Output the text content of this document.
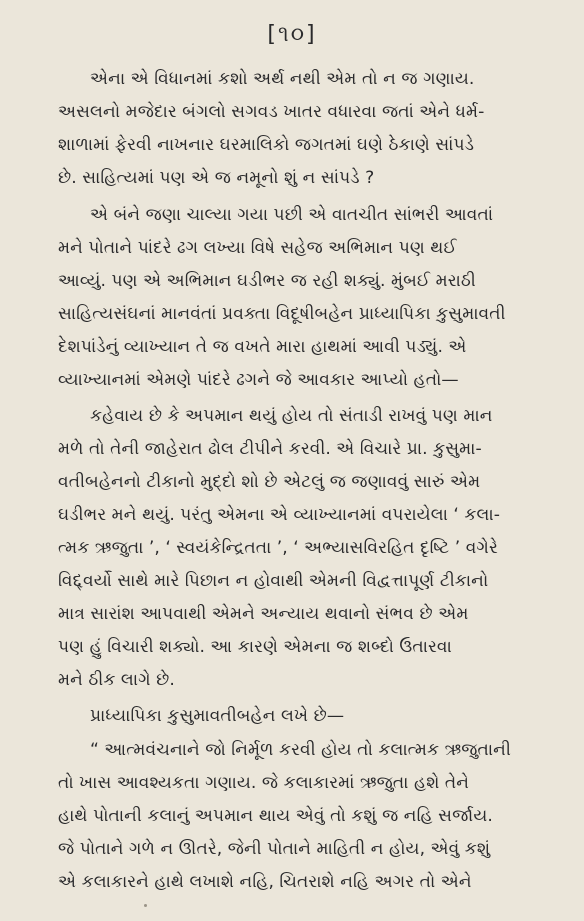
[૧૦]
એના એ વિધાનમાં કશો અર્થ નથી એમ તો ન જ ગણાય.
અસલનો મજેદાર બંગલો સગવડ ખાતર વધારવા જતાં એને ધર્મ-
શાળામાં ફેરવી નાખનાર ઘરમાલિકો જગતમાં ઘણે ઠેકાણે સાંપડે
છે. સાહિત્યમાં પણ એ જ નમૂનો શું ન સાંપડે ?
એ બંને જણા ચાલ્યા ગયા પછી એ વાતચીત સાંભરી આવતાં
મને પોતાને પાંદરે ઢગ લખ્યા વિષે સહેજ અભિમાન પણ થઈ
આવ્યું. પણ એ અભિમાન ઘડીભર જ રહી શક્યું. મુંબઈ મરાઠી
સાહિત્યસંઘનાં માનવંતાં પ્રવક્તા વિદૂષીબહેન પ્રાધ્યાપિકા કુસુમાવતી
દેશપાંડેનું વ્યાખ્યાન તે જ વખતે મારા હાથમાં આવી પડ્યું. એ
વ્યાખ્યાનમાં એમણે પાંદરે ઢગને જે આવકાર આપ્યો હતો—
કહેવાય છે કે અપમાન થયું હોય તો સંતાડી રાખવું પણ માન
મળે તો તેની જાહેરાત ઢોલ ટીપીને કરવી. એ વિચારે પ્રા. કુસુમા-
વતીબહેનનો ટીકાનો મુદ્દો શો છે એટલું જ જણાવવું સારું એમ
ઘડીભર મને થયું. પરંતુ એમના એ વ્યાખ્યાનમાં વપરાયેલા ‘ કલા-
ત્મક ઋજુતા ’, ‘ સ્વયંકેન્દ્રિતતા ’, ‘ અભ્યાસવિરહિત દૃષ્ટિ ’ વગેરે
વિદ્દ્વર્યો સાથે મારે પિછાન ન હોવાથી એમની વિદ્વત્તાપૂર્ણ ટીકાનો
માત્ર સારાંશ આપવાથી એમને અન્યાય થવાનો સંભવ છે એમ
પણ હું વિચારી શક્યો. આ કારણે એમના જ શબ્દો ઉતારવા
મને ઠીક લાગે છે.
પ્રાધ્યાપિકા કુસુમાવતીબહેન લખે છે—
“ આત્મવંચનાને જો નિર્મૂળ કરવી હોય તો કલાત્મક ઋજુતાની
તો ખાસ આવશ્યકતા ગણાય. જે કલાકારમાં ઋજુતા હશે તેને
હાથે પોતાની કલાનું અપમાન થાય એવું તો કશું જ નહિ સર્જાય.
જે પોતાને ગળે ન ઊતરે, જેની પોતાને માહિતી ન હોય, એવું કશું
એ કલાકારને હાથે લખાશે નહિ, ચિતરાશે નહિ અગર તો એને
